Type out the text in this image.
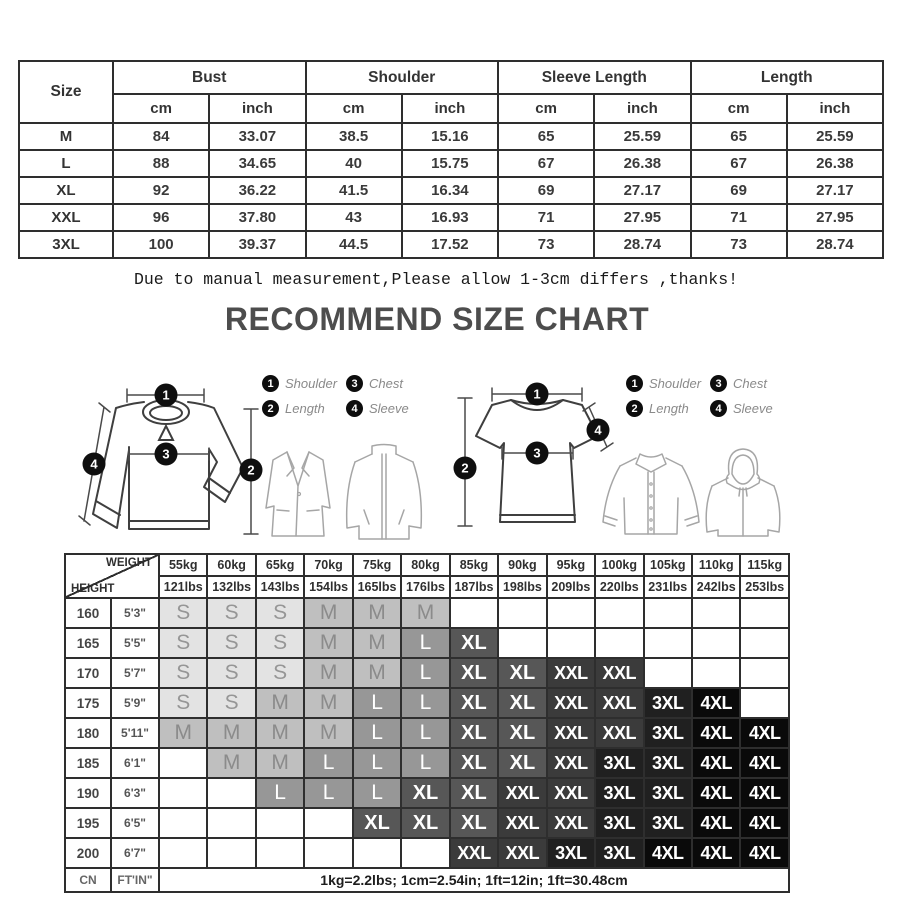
Size	Bust		Shoulder		Sleeve Length		Length	
	cm	inch	cm	inch	cm	inch	cm	inch
M	84	33.07	38.5	15.16	65	25.59	65	25.59
L	88	34.65	40	15.75	67	26.38	67	26.38
XL	92	36.22	41.5	16.34	69	27.17	69	27.17
XXL	96	37.80	43	16.93	71	27.95	71	27.95
3XL	100	39.37	44.5	17.52	73	28.74	73	28.74
Due to manual measurement,Please allow 1-3cm differs ,thanks!
RECOMMEND SIZE CHART
1
3
2
4
1 Shoulder	3 Chest
2 Length	4 Sleeve
1
2
3
4
1 Shoulder	3 Chest
2 Length	4 Sleeve
WEIGHT
HEIGHT		55kg	60kg	65kg	70kg	75kg	80kg	85kg	90kg	95kg	100kg	105kg	110kg	115kg
		121lbs	132lbs	143lbs	154lbs	165lbs	176lbs	187lbs	198lbs	209lbs	220lbs	231lbs	242lbs	253lbs
160	5'3"	S	S	S	M	M	M							
165	5'5"	S	S	S	M	M	L	XL						
170	5'7"	S	S	S	M	M	L	XL	XL	XXL	XXL			
175	5'9"	S	S	M	M	L	L	XL	XL	XXL	XXL	3XL	4XL	
180	5'11"	M	M	M	M	L	L	XL	XL	XXL	XXL	3XL	4XL	4XL
185	6'1"		M	M	L	L	L	XL	XL	XXL	3XL	3XL	4XL	4XL
190	6'3"			L	L	L	XL	XL	XXL	XXL	3XL	3XL	4XL	4XL
195	6'5"					XL	XL	XL	XXL	XXL	3XL	3XL	4XL	4XL
200	6'7"							XXL	XXL	3XL	3XL	4XL	4XL	4XL
CN	FT'IN"	1kg=2.2lbs; 1cm=2.54in; 1ft=12in; 1ft=30.48cm												
